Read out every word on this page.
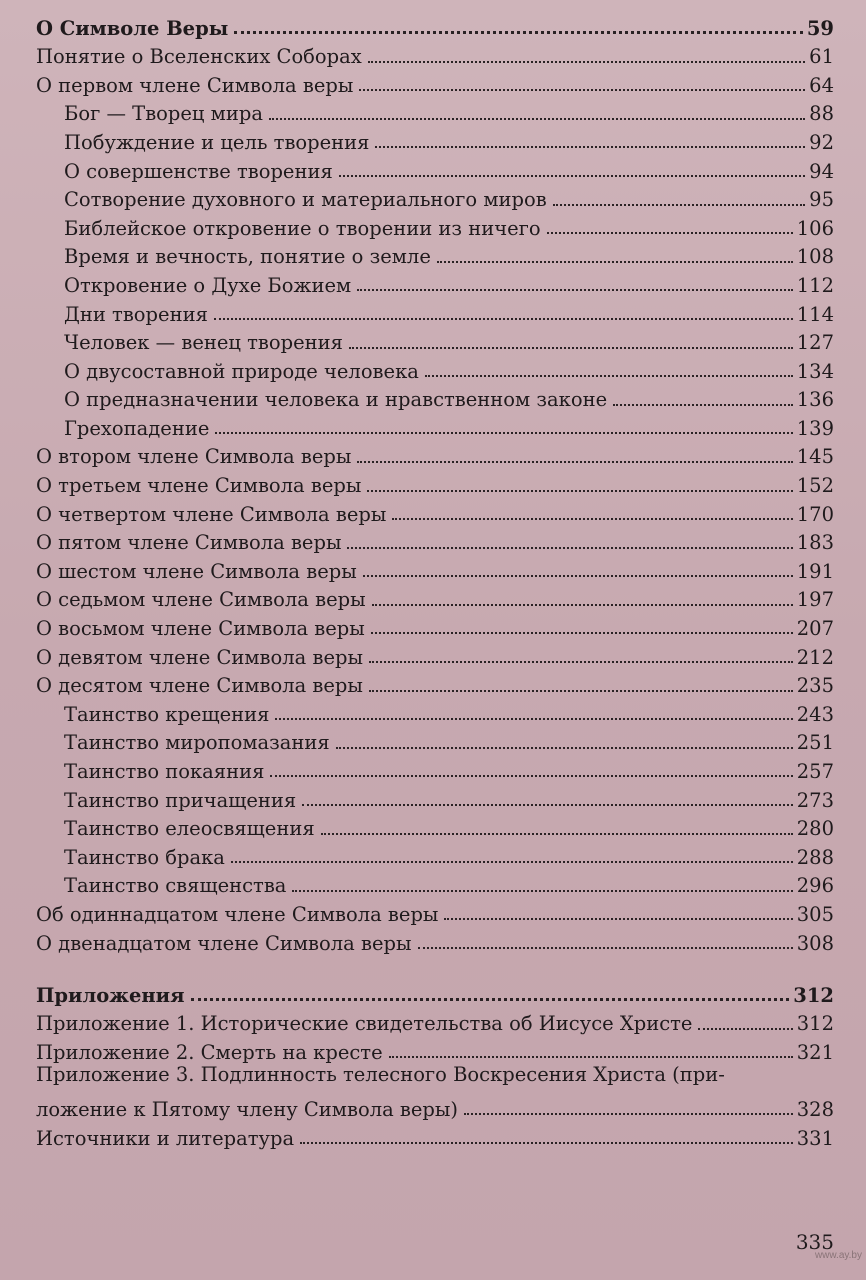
О Символе Веры	59
Понятие о Вселенских Соборах	61
О первом члене Символа веры	64
Бог — Творец мира	88
Побуждение и цель творения	92
О совершенстве творения	94
Сотворение духовного и материального миров	95
Библейское откровение о творении из ничего	106
Время и вечность, понятие о земле	108
Откровение о Духе Божием	112
Дни творения	114
Человек — венец творения	127
О двусоставной природе человека	134
О предназначении человека и нравственном законе	136
Грехопадение	139
О втором члене Символа веры	145
О третьем члене Символа веры	152
О четвертом члене Символа веры	170
О пятом члене Символа веры	183
О шестом члене Символа веры	191
О седьмом члене Символа веры	197
О восьмом члене Символа веры	207
О девятом члене Символа веры	212
О десятом члене Символа веры	235
Таинство крещения	243
Таинство миропомазания	251
Таинство покаяния	257
Таинство причащения	273
Таинство елеосвящения	280
Таинство брака	288
Таинство священства	296
Об одиннадцатом члене Символа веры	305
О двенадцатом члене Символа веры	308
Приложения	312
Приложение 1. Исторические свидетельства об Иисусе Христе	312
Приложение 2. Смерть на кресте	321
Приложение 3. Подлинность телесного Воскресения Христа (при-
ложение к Пятому члену Символа веры)	328
Источники и литература	331
335
www.ay.by
